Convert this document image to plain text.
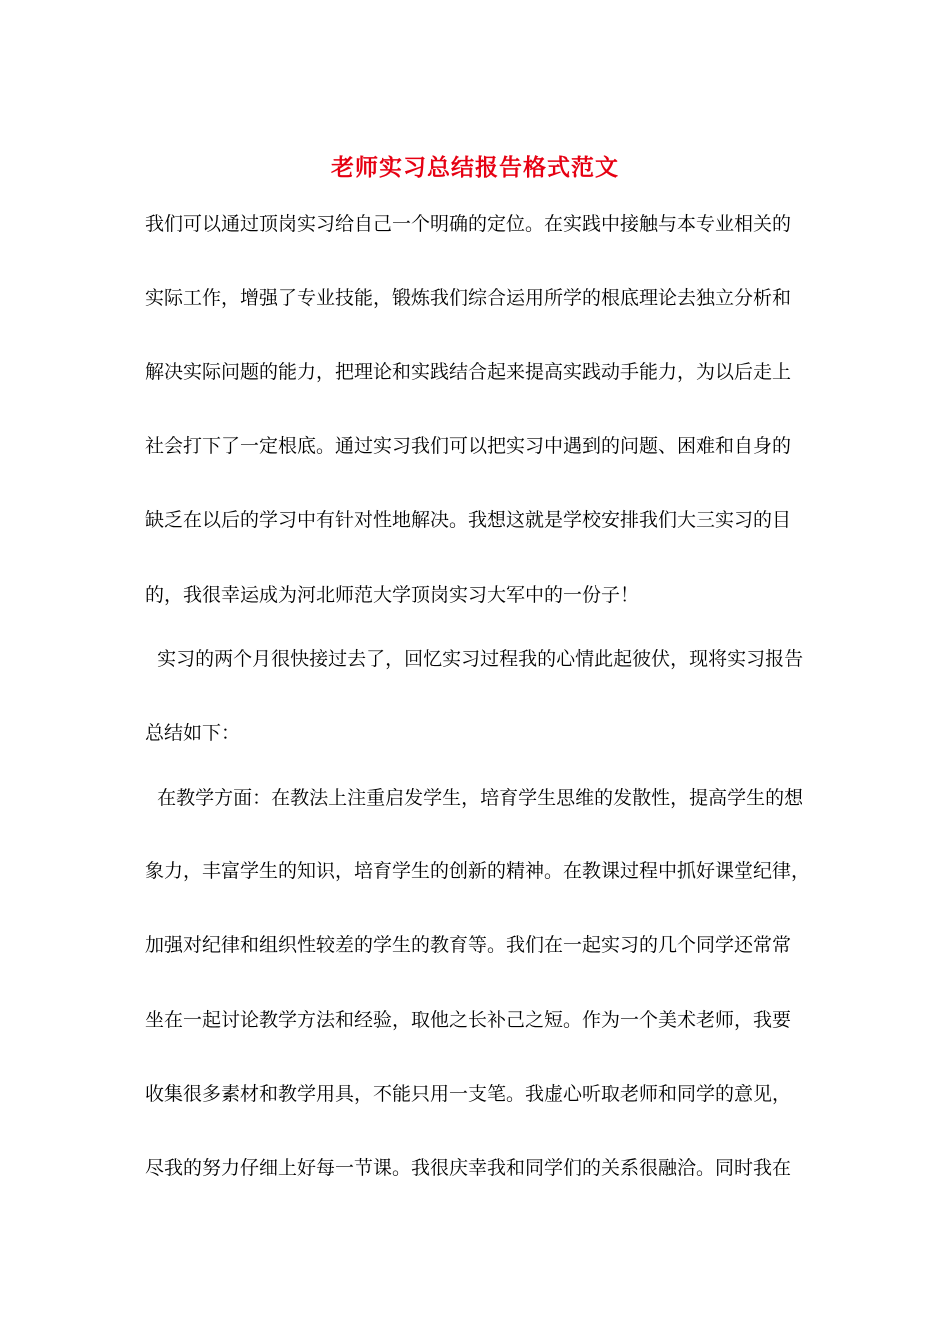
老师实习总结报告格式范文
我们可以通过顶岗实习给自己一个明确的定位。在实践中接触与本专业相关的
实际工作，增强了专业技能，锻炼我们综合运用所学的根底理论去独立分析和
解决实际问题的能力，把理论和实践结合起来提高实践动手能力，为以后走上
社会打下了一定根底。通过实习我们可以把实习中遇到的问题、困难和自身的
缺乏在以后的学习中有针对性地解决。我想这就是学校安排我们大三实习的目
的，我很幸运成为河北师范大学顶岗实习大军中的一份子！
实习的两个月很快接过去了，回忆实习过程我的心情此起彼伏，现将实习报告
总结如下：
在教学方面：在教法上注重启发学生，培育学生思维的发散性，提高学生的想
象力，丰富学生的知识，培育学生的创新的精神。在教课过程中抓好课堂纪律，
加强对纪律和组织性较差的学生的教育等。我们在一起实习的几个同学还常常
坐在一起讨论教学方法和经验，取他之长补己之短。作为一个美术老师，我要
收集很多素材和教学用具，不能只用一支笔。我虚心听取老师和同学的意见，
尽我的努力仔细上好每一节课。我很庆幸我和同学们的关系很融洽。同时我在
